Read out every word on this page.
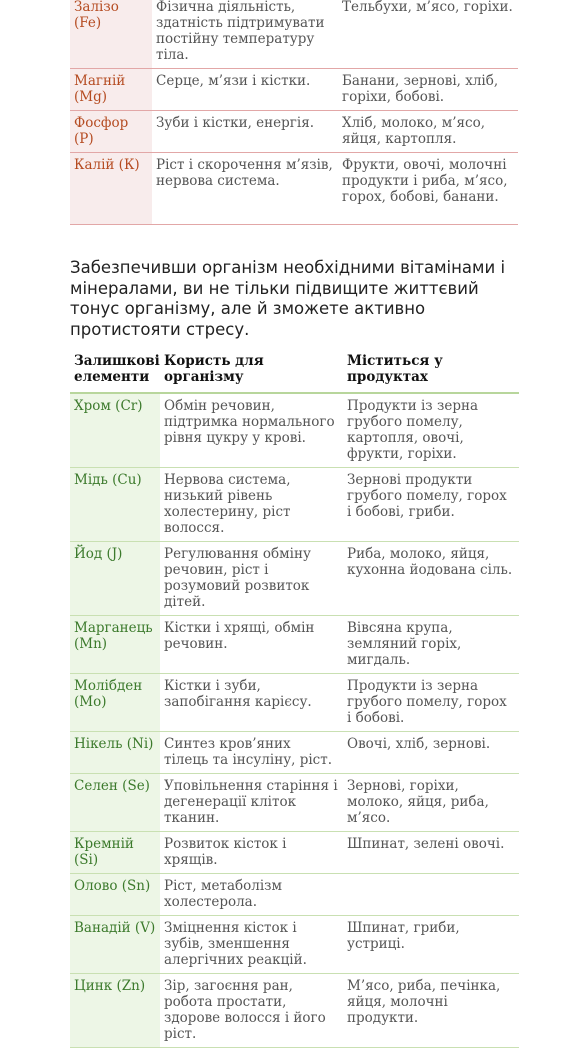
Залізо (Fe)	Фізична діяльність, здатність підтримувати постійну температуру тіла.	Тельбухи, м’ясо, горіхи.
Магній (Mg)	Серце, м’язи і кістки.	Банани, зернові, хліб, горіхи, бобові.
Фосфор (Р)	Зуби і кістки, енергія.	Хліб, молоко, м’ясо, яйця, картопля.
Калій (К)	Ріст і скорочення м’язів, нервова система.	Фрукти, овочі, молочні продукти і риба, м’ясо, горох, бобові, банани.

Забезпечивши організм необхідними вітамінами і мінералами, ви не тільки підвищите життєвий тонус організму, але й зможете активно протистояти стресу.

Залишкові елементи	Користь для організму	Міститься у продуктах
Хром (Cr)	Обмін речовин, підтримка нормального рівня цукру у крові.	Продукти із зерна грубого помелу, картопля, овочі, фрукти, горіхи.
Мідь (Cu)	Нервова система, низький рівень холестерину, ріст волосся.	Зернові продукти грубого помелу, горох і бобові, гриби.
Йод (J)	Регулювання обміну речовин, ріст і розумовий розвиток дітей.	Риба, молоко, яйця, кухонна йодована сіль.
Марганець (Mn)	Кістки і хрящі, обмін речовин.	Вівсяна крупа, земляний горіх, мигдаль.
Молібден (Mo)	Кістки і зуби, запобігання карієсу.	Продукти із зерна грубого помелу, горох і бобові.
Нікель (Ni)	Синтез кров’яних тілець та інсуліну, ріст.	Овочі, хліб, зернові.
Селен (Se)	Уповільнення старіння і дегенерації кліток тканин.	Зернові, горіхи, молоко, яйця, риба, м’ясо.
Кремній (Si)	Розвиток кісток і хрящів.	Шпинат, зелені овочі.
Олово (Sn)	Ріст, метаболізм холестерола.	
Ванадій (V)	Зміцнення кісток і зубів, зменшення алергічних реакцій.	Шпинат, гриби, устриці.
Цинк (Zn)	Зір, загоєння ран, робота простати, здорове волосся і його ріст.	М’ясо, риба, печінка, яйця, молочні продукти.
